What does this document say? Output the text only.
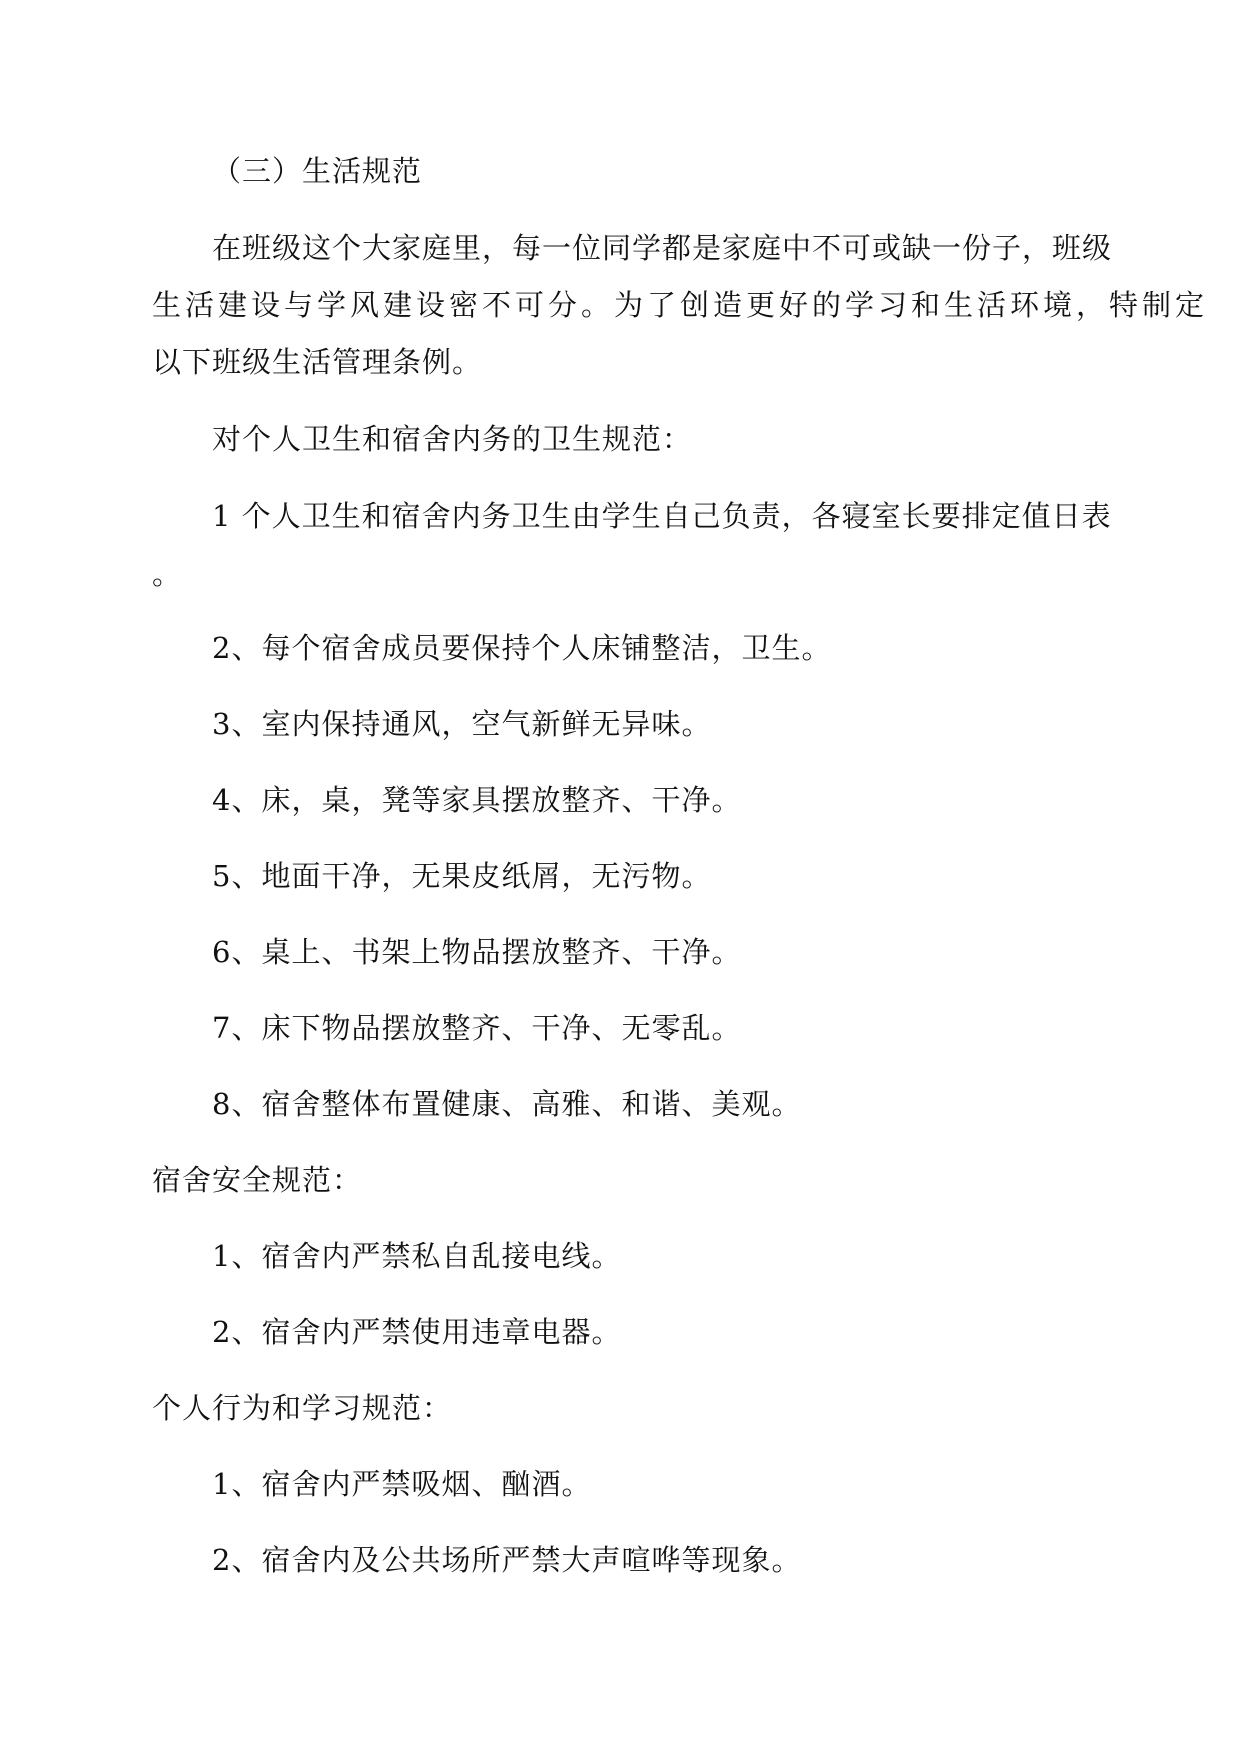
（三）生活规范
在班级这个大家庭里，每一位同学都是家庭中不可或缺一份子，班级
生活建设与学风建设密不可分。为了创造更好的学习和生活环境，特制定
以下班级生活管理条例。
对个人卫生和宿舍内务的卫生规范：
1 个人卫生和宿舍内务卫生由学生自己负责，各寝室长要排定值日表
。
2、每个宿舍成员要保持个人床铺整洁，卫生。
3、室内保持通风，空气新鲜无异味。
4、床，桌，凳等家具摆放整齐、干净。
5、地面干净，无果皮纸屑，无污物。
6、桌上、书架上物品摆放整齐、干净。
7、床下物品摆放整齐、干净、无零乱。
8、宿舍整体布置健康、高雅、和谐、美观。
宿舍安全规范：
1、宿舍内严禁私自乱接电线。
2、宿舍内严禁使用违章电器。
个人行为和学习规范：
1、宿舍内严禁吸烟、酗酒。
2、宿舍内及公共场所严禁大声喧哗等现象。
